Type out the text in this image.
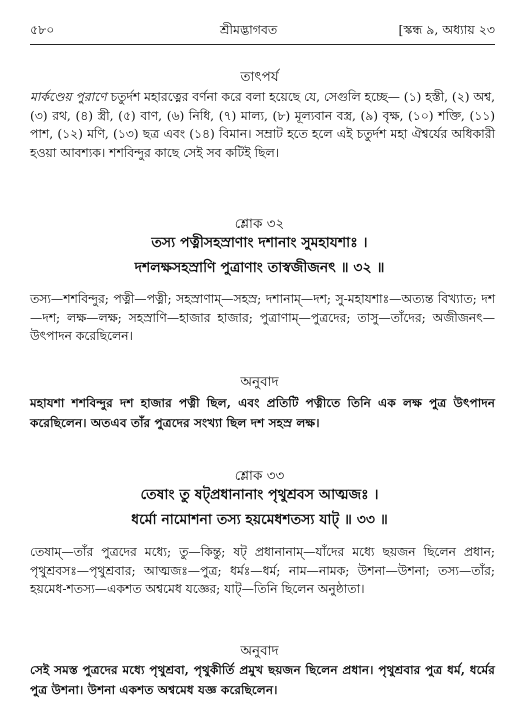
৫৮০	শ্রীমদ্ভাগবত	[স্কন্ধ ৯, অধ্যায় ২৩
তাৎপর্য
মার্কণ্ডেয় পুরাণে চতুর্দশ মহারত্নের বর্ণনা করে বলা হয়েছে যে, সেগুলি হচ্ছে— (১) হস্তী, (২) অশ্ব, (৩) রথ, (৪) স্ত্রী, (৫) বাণ, (৬) নিধি, (৭) মাল্য, (৮) মূল্যবান বস্ত্র, (৯) বৃক্ষ, (১০) শক্তি, (১১) পাশ, (১২) মণি, (১৩) ছত্র এবং (১৪) বিমান। সম্রাট হতে হলে এই চতুর্দশ মহা ঐশ্বর্যের অধিকারী হওয়া আবশ্যক। শশবিন্দুর কাছে সেই সব কটিই ছিল।
শ্লোক ৩২
তস্য পত্নীসহস্রাণাং দশানাং সুমহাযশাঃ ।
দশলক্ষসহস্রাণি পুত্রাণাং তাস্বজীজনৎ ॥ ৩২ ॥
তস্য—শশবিন্দুর; পত্নী—পত্নী; সহস্রাণাম্—সহস্র; দশানাম্—দশ; সু-মহাযশাঃ—অত্যন্ত বিখ্যাত; দশ—দশ; লক্ষ—লক্ষ; সহস্রাণি—হাজার হাজার; পুত্রাণাম্—পুত্রদের; তাসু—তাঁদের; অজীজনৎ—উৎপাদন করেছিলেন।
অনুবাদ
মহাযশা শশবিন্দুর দশ হাজার পত্নী ছিল, এবং প্রতিটি পত্নীতে তিনি এক লক্ষ পুত্র উৎপাদন করেছিলেন। অতএব তাঁর পুত্রদের সংখ্যা ছিল দশ সহস্র লক্ষ।
শ্লোক ৩৩
তেষাং তু ষট্প্রধানানাং পৃথুশ্রবস আত্মজঃ ।
ধর্মো নামোশনা তস্য হয়মেধশতস্য যাট্ ॥ ৩৩ ॥
তেষাম্—তাঁর পুত্রদের মধ্যে; তু—কিন্তু; ষট্ প্রধানানাম্—যাঁদের মধ্যে ছয়জন ছিলেন প্রধান; পৃথুশ্রবসঃ—পৃথুশ্রবার; আত্মজঃ—পুত্র; ধর্মঃ—ধর্ম; নাম—নামক; উশনা—উশনা; তস্য—তাঁর; হয়মেধ-শতস্য—একশত অশ্বমেধ যজ্ঞের; যাট্—তিনি ছিলেন অনুষ্ঠাতা।
অনুবাদ
সেই সমস্ত পুত্রদের মধ্যে পৃথুশ্রবা, পৃথুকীর্তি প্রমুখ ছয়জন ছিলেন প্রধান। পৃথুশ্রবার পুত্র ধর্ম, ধর্মের পুত্র উশনা। উশনা একশত অশ্বমেধ যজ্ঞ করেছিলেন।
